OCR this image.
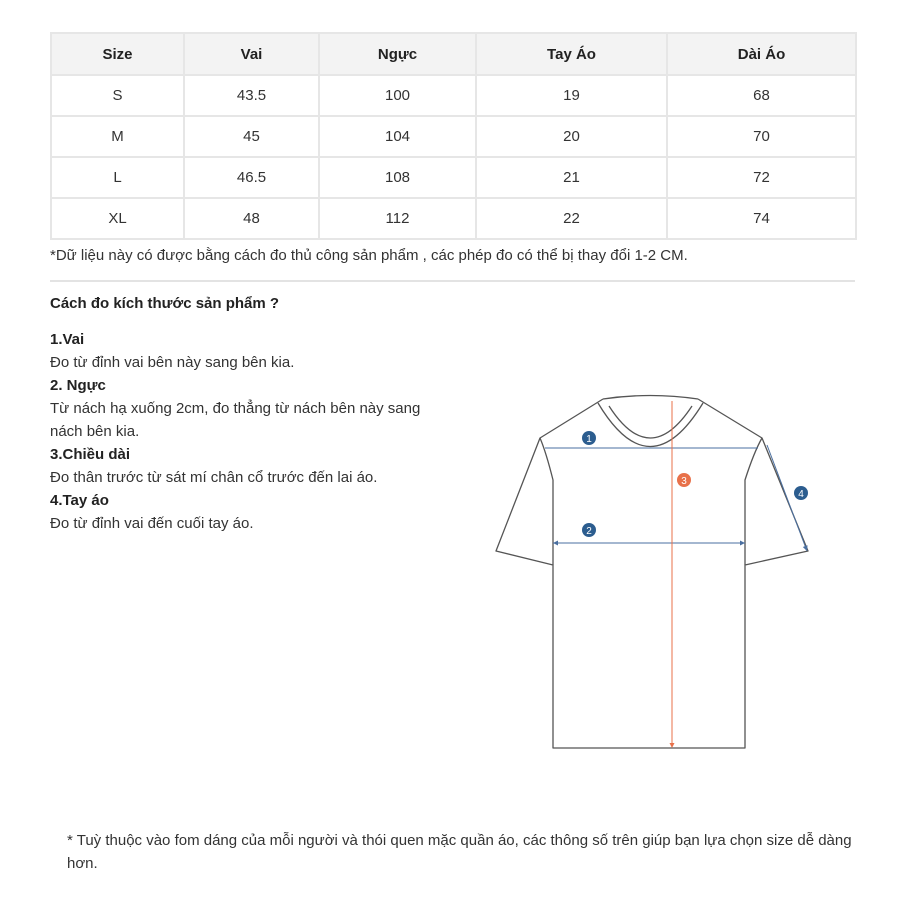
Size	Vai	Ngực	Tay Áo	Dài Áo
S	43.5	100	19	68
M	45	104	20	70
L	46.5	108	21	72
XL	48	112	22	74
*Dữ liệu này có được bằng cách đo thủ công sản phẩm , các phép đo có thể bị thay đổi 1-2 CM.
Cách đo kích thước sản phẩm ?
1.Vai
Đo từ đỉnh vai bên này sang bên kia.
2. Ngực
Từ nách hạ xuống 2cm, đo thẳng từ nách bên này sang nách bên kia.
3.Chiều dài
Đo thân trước từ sát mí chân cổ trước đến lai áo.
4.Tay áo
Đo từ đỉnh vai đến cuối tay áo.
1
2
3
4
* Tuỳ thuộc vào fom dáng của mỗi người và thói quen mặc quần áo, các thông số trên giúp bạn lựa chọn size dễ dàng hơn.
